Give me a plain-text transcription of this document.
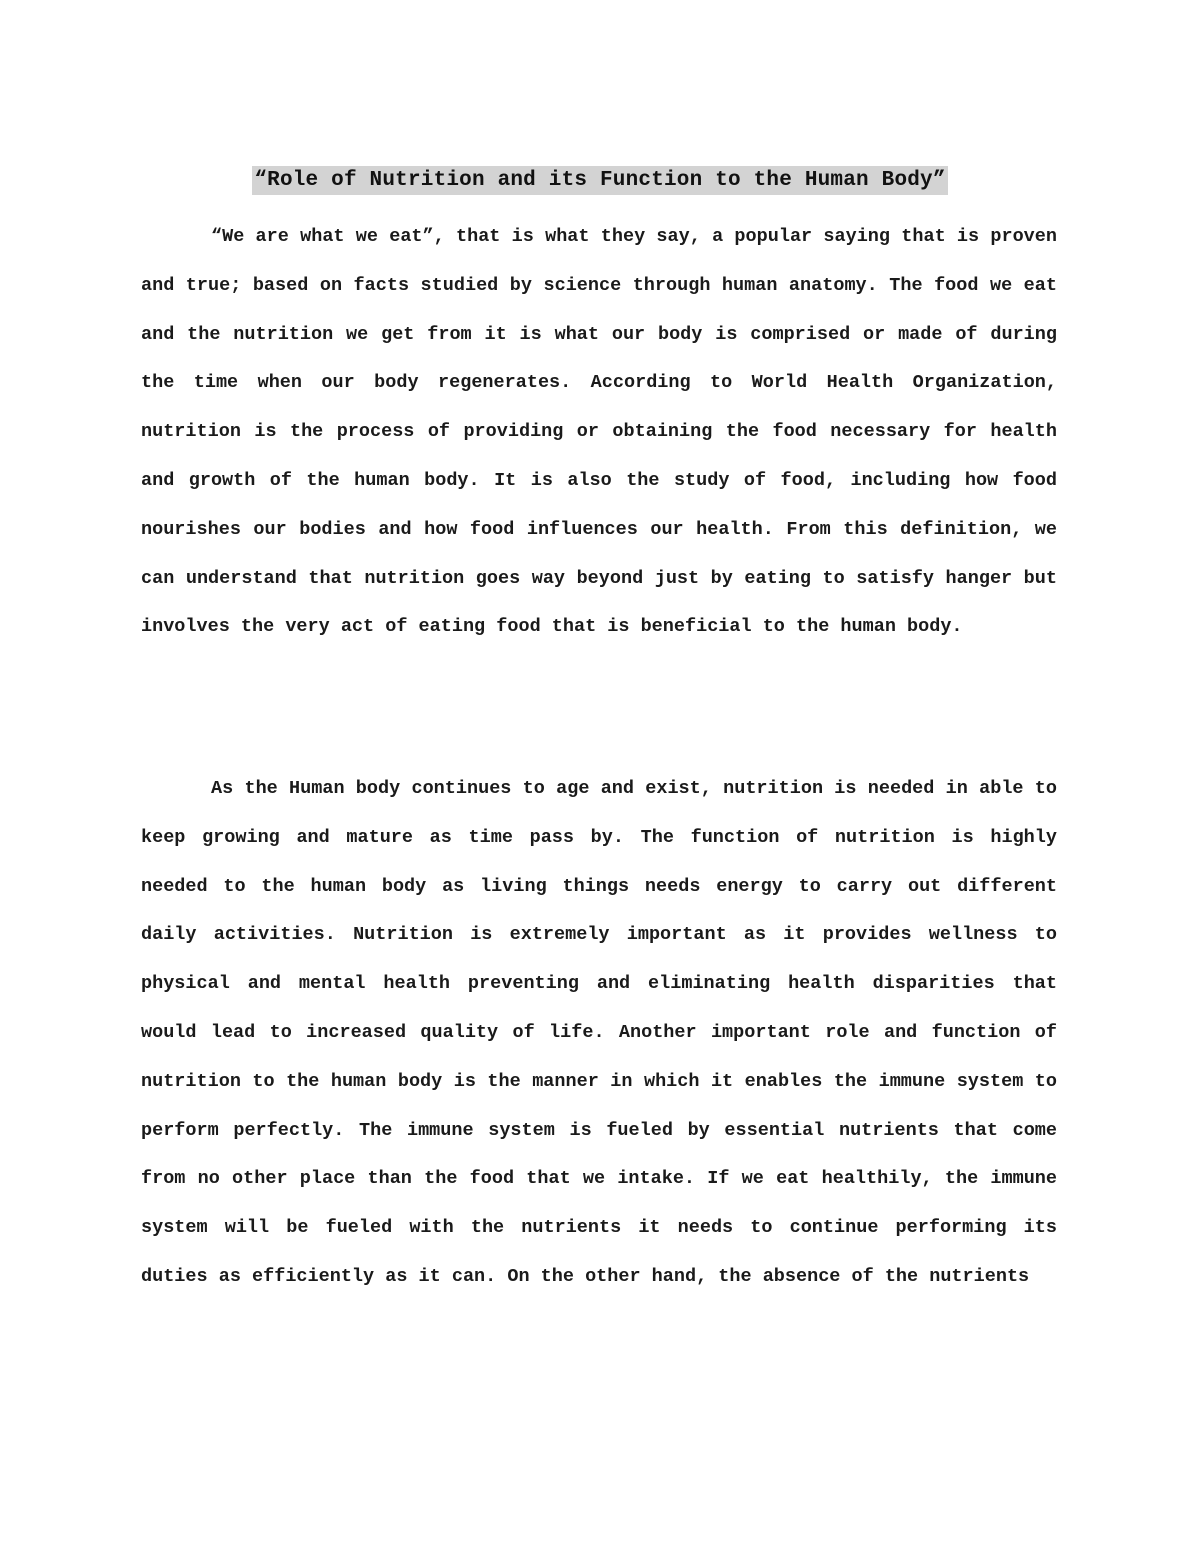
“Role of Nutrition and its Function to the Human Body”

“We are what we eat”, that is what they say, a popular saying that is proven and true; based on facts studied by science through human anatomy. The food we eat and the nutrition we get from it is what our body is comprised or made of during the time when our body regenerates. According to World Health Organization, nutrition is the process of providing or obtaining the food necessary for health and growth of the human body. It is also the study of food, including how food nourishes our bodies and how food influences our health. From this definition, we can understand that nutrition goes way beyond just by eating to satisfy hanger but involves the very act of eating food that is beneficial to the human body.

As the Human body continues to age and exist, nutrition is needed in able to keep growing and mature as time pass by. The function of nutrition is highly needed to the human body as living things needs energy to carry out different daily activities. Nutrition is extremely important as it provides wellness to physical and mental health preventing and eliminating health disparities that would lead to increased quality of life. Another important role and function of nutrition to the human body is the manner in which it enables the immune system to perform perfectly. The immune system is fueled by essential nutrients that come from no other place than the food that we intake. If we eat healthily, the immune system will be fueled with the nutrients it needs to continue performing its duties as efficiently as it can. On the other hand, the absence of the nutrients
